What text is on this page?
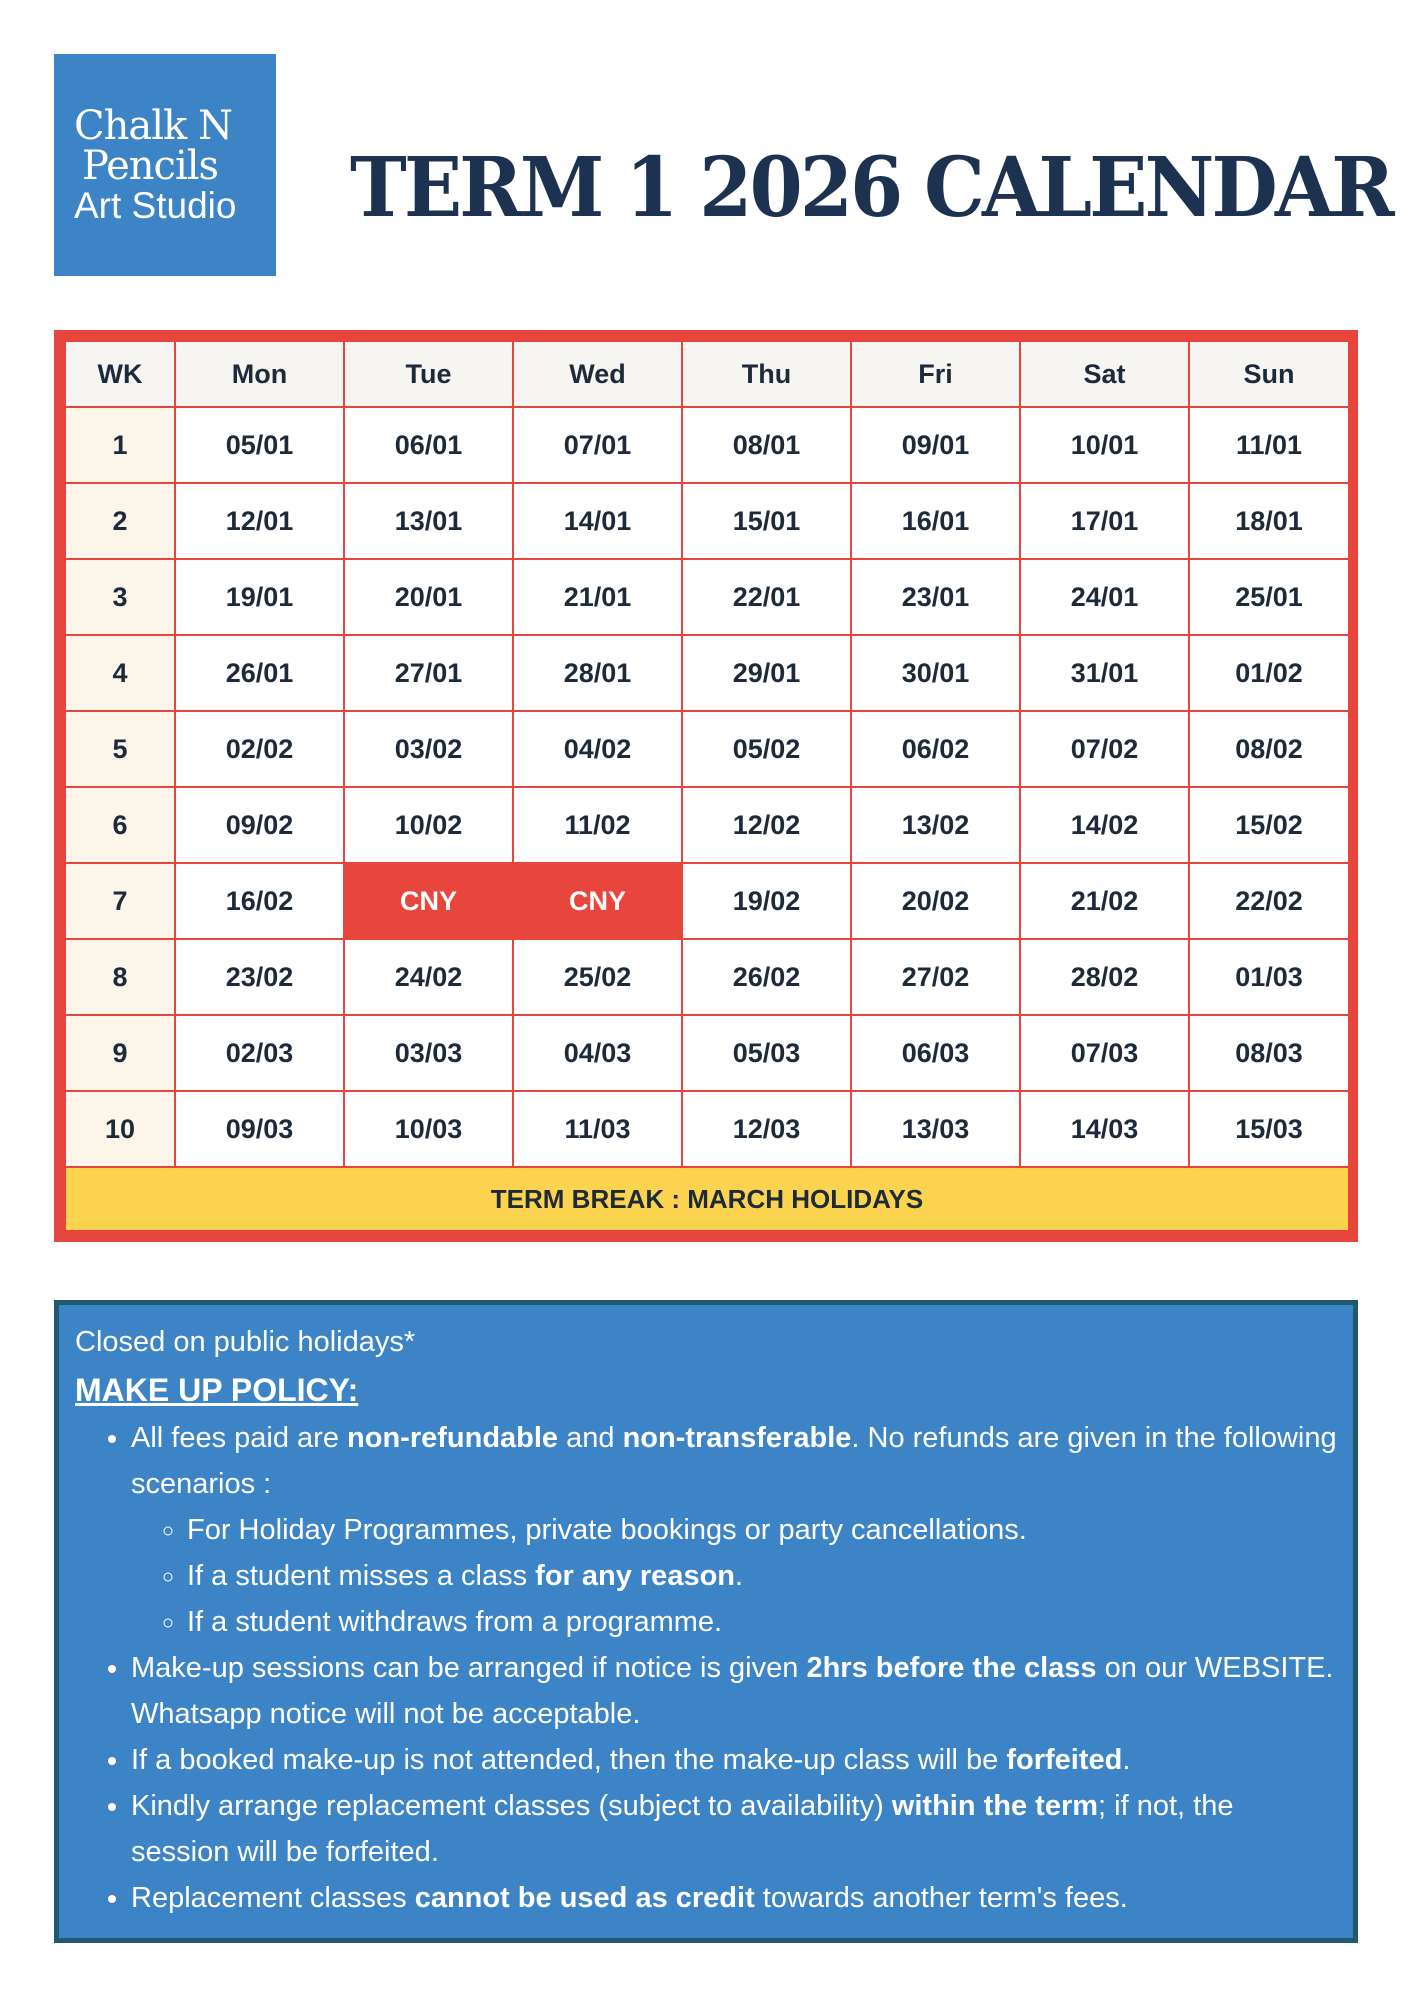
Chalk N
Pencils
Art Studio	TERM 1 2026 CALENDAR
WK	Mon	Tue	Wed	Thu	Fri	Sat	Sun
1	05/01	06/01	07/01	08/01	09/01	10/01	11/01
2	12/01	13/01	14/01	15/01	16/01	17/01	18/01
3	19/01	20/01	21/01	22/01	23/01	24/01	25/01
4	26/01	27/01	28/01	29/01	30/01	31/01	01/02
5	02/02	03/02	04/02	05/02	06/02	07/02	08/02
6	09/02	10/02	11/02	12/02	13/02	14/02	15/02
7	16/02	CNY	CNY	19/02	20/02	21/02	22/02
8	23/02	24/02	25/02	26/02	27/02	28/02	01/03
9	02/03	03/03	04/03	05/03	06/03	07/03	08/03
10	09/03	10/03	11/03	12/03	13/03	14/03	15/03
TERM BREAK : MARCH HOLIDAYS							
Closed on public holidays*
MAKE UP POLICY:
• All fees paid are non-refundable and non-transferable. No refunds are given in the following scenarios :
◦ For Holiday Programmes, private bookings or party cancellations.
◦ If a student misses a class for any reason.
◦ If a student withdraws from a programme.
• Make-up sessions can be arranged if notice is given 2hrs before the class on our WEBSITE. Whatsapp notice will not be acceptable.
• If a booked make-up is not attended, then the make-up class will be forfeited.
• Kindly arrange replacement classes (subject to availability) within the term; if not, the session will be forfeited.
• Replacement classes cannot be used as credit towards another term's fees.
